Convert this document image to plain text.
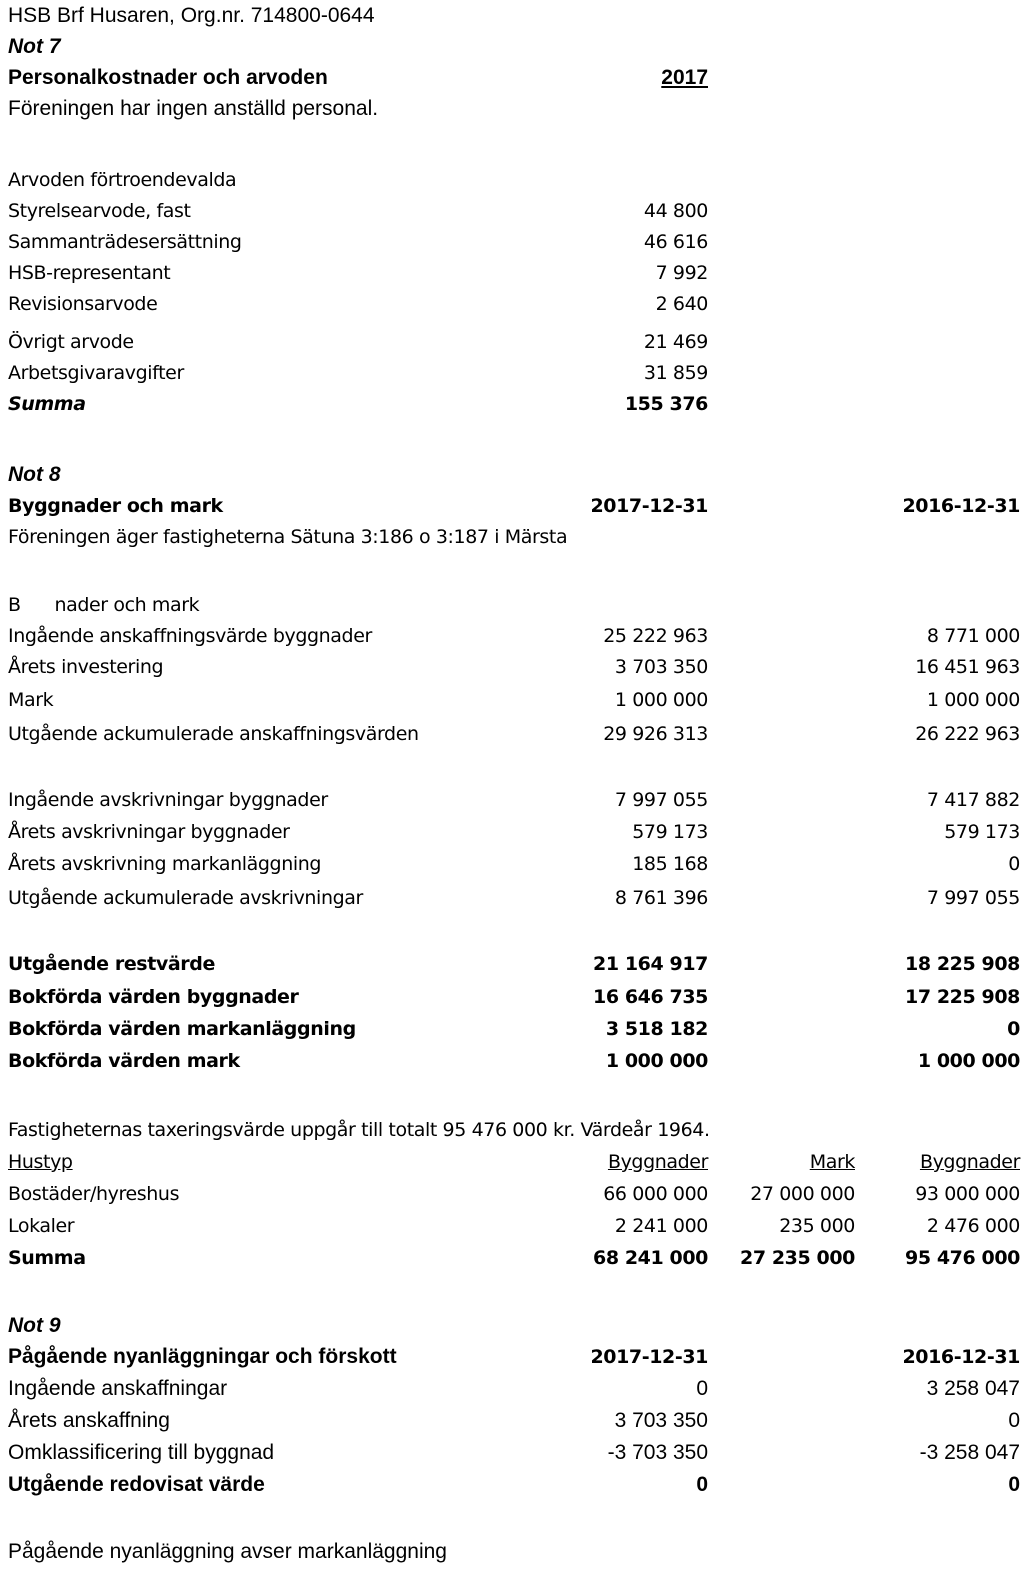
HSB Brf Husaren, Org.nr. 714800-0644
Not 7
Personalkostnader och arvoden	2017
Föreningen har ingen anställd personal.
Arvoden förtroendevalda
Styrelsearvode, fast	44 800
Sammanträdesersättning	46 616
HSB-representant	7 992
Revisionsarvode	2 640
Övrigt arvode	21 469
Arbetsgivaravgifter	31 859
Summa	155 376
Not 8
Byggnader och mark	2017-12-31	2016-12-31
Föreningen äger fastigheterna Sätuna 3:186 o 3:187 i Märsta
B      nader och mark
Ingående anskaffningsvärde byggnader	25 222 963	8 771 000
Årets investering	3 703 350	16 451 963
Mark	1 000 000	1 000 000
Utgående ackumulerade anskaffningsvärden	29 926 313	26 222 963
Ingående avskrivningar byggnader	7 997 055	7 417 882
Årets avskrivningar byggnader	579 173	579 173
Årets avskrivning markanläggning	185 168	0
Utgående ackumulerade avskrivningar	8 761 396	7 997 055
Utgående restvärde	21 164 917	18 225 908
Bokförda värden byggnader	16 646 735	17 225 908
Bokförda värden markanläggning	3 518 182	0
Bokförda värden mark	1 000 000	1 000 000
Fastigheternas taxeringsvärde uppgår till totalt 95 476 000 kr. Värdeår 1964.
Hustyp	Byggnader	Mark	Byggnader
Bostäder/hyreshus	66 000 000	27 000 000	93 000 000
Lokaler	2 241 000	235 000	2 476 000
Summa	68 241 000	27 235 000	95 476 000
Not 9
Pågående nyanläggningar och förskott	2017-12-31	2016-12-31
Ingående anskaffningar	0	3 258 047
Årets anskaffning	3 703 350	0
Omklassificering till byggnad	-3 703 350	-3 258 047
Utgående redovisat värde	0	0
Pågående nyanläggning avser markanläggning
